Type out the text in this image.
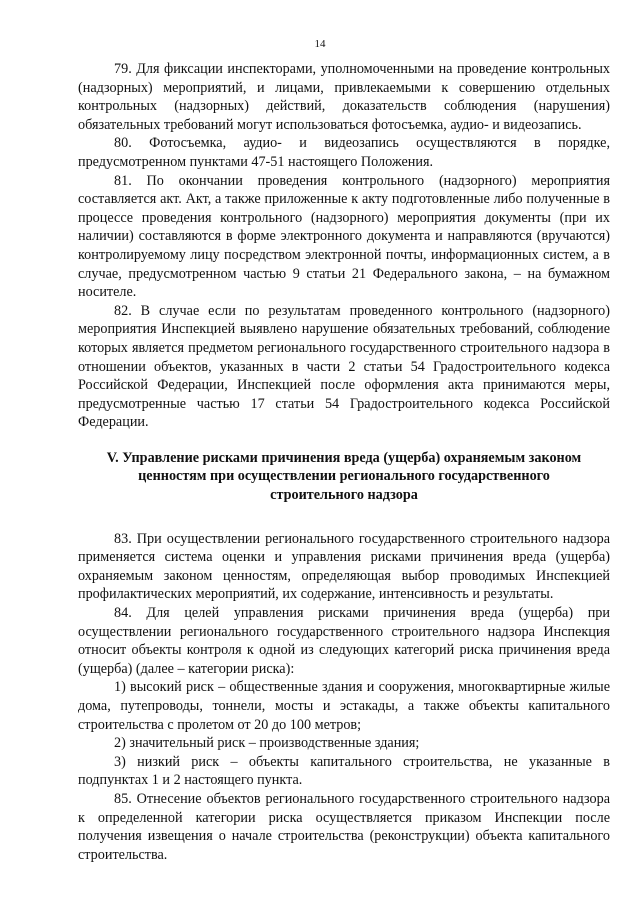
14

79. Для фиксации инспекторами, уполномоченными на проведение контрольных (надзорных) мероприятий, и лицами, привлекаемыми к совершению отдельных контрольных (надзорных) действий, доказательств соблюдения (нарушения) обязательных требований могут использоваться фотосъемка, аудио- и видеозапись.

80. Фотосъемка, аудио- и видеозапись осуществляются в порядке, предусмотренном пунктами 47-51 настоящего Положения.

81. По окончании проведения контрольного (надзорного) мероприятия составляется акт. Акт, а также приложенные к акту подготовленные либо полученные в процессе проведения контрольного (надзорного) мероприятия документы (при их наличии) составляются в форме электронного документа и направляются (вручаются) контролируемому лицу посредством электронной почты, информационных систем, а в случае, предусмотренном частью 9 статьи 21 Федерального закона, – на бумажном носителе.

82. В случае если по результатам проведенного контрольного (надзорного) мероприятия Инспекцией выявлено нарушение обязательных требований, соблюдение которых является предметом регионального государственного строительного надзора в отношении объектов, указанных в части 2 статьи 54 Градостроительного кодекса Российской Федерации, Инспекцией после оформления акта принимаются меры, предусмотренные частью 17 статьи 54 Градостроительного кодекса Российской Федерации.

V. Управление рисками причинения вреда (ущерба) охраняемым законом ценностям при осуществлении регионального государственного строительного надзора

83. При осуществлении регионального государственного строительного надзора применяется система оценки и управления рисками причинения вреда (ущерба) охраняемым законом ценностям, определяющая выбор проводимых Инспекцией профилактических мероприятий, их содержание, интенсивность и результаты.

84. Для целей управления рисками причинения вреда (ущерба) при осуществлении регионального государственного строительного надзора Инспекция относит объекты контроля к одной из следующих категорий риска причинения вреда (ущерба) (далее – категории риска):

1) высокий риск – общественные здания и сооружения, многоквартирные жилые дома, путепроводы, тоннели, мосты и эстакады, а также объекты капитального строительства с пролетом от 20 до 100 метров;

2) значительный риск – производственные здания;

3) низкий риск – объекты капитального строительства, не указанные в подпунктах 1 и 2 настоящего пункта.

85. Отнесение объектов регионального государственного строительного надзора к определенной категории риска осуществляется приказом Инспекции после получения извещения о начале строительства (реконструкции) объекта капитального строительства.
